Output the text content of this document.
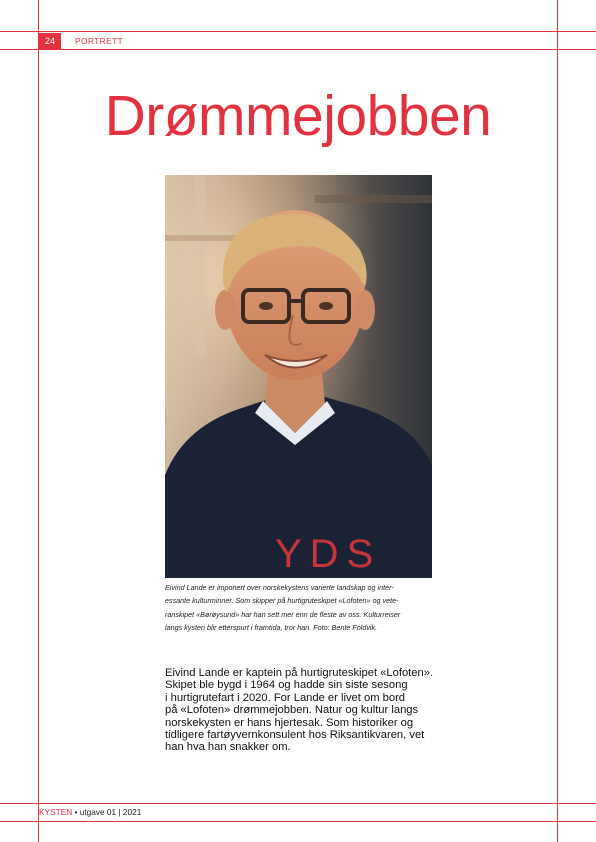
24	PORTRETT
Drømmejobben
YDS
Eivind Lande er imponert over norskekystens varierte landskap og inter-
essante kulturminner. Som skipper på hurtigruteskipet «Lofoten» og vete-
ranskipet «Børøysund» har han sett mer enn de fleste av oss. Kulturreiser
langs kysten blir etterspurt i framtida, tror han. Foto: Bente Foldvik.
Eivind Lande er kaptein på hurtigruteskipet «Lofoten».
Skipet ble bygd i 1964 og hadde sin siste sesong
i hurtigrutefart i 2020. For Lande er livet om bord
på «Lofoten» drømmejobben. Natur og kultur langs
norskekysten er hans hjertesak. Som historiker og
tidligere fartøyvernkonsulent hos Riksantikvaren, vet
han hva han snakker om.
KYSTEN • utgave 01 | 2021
